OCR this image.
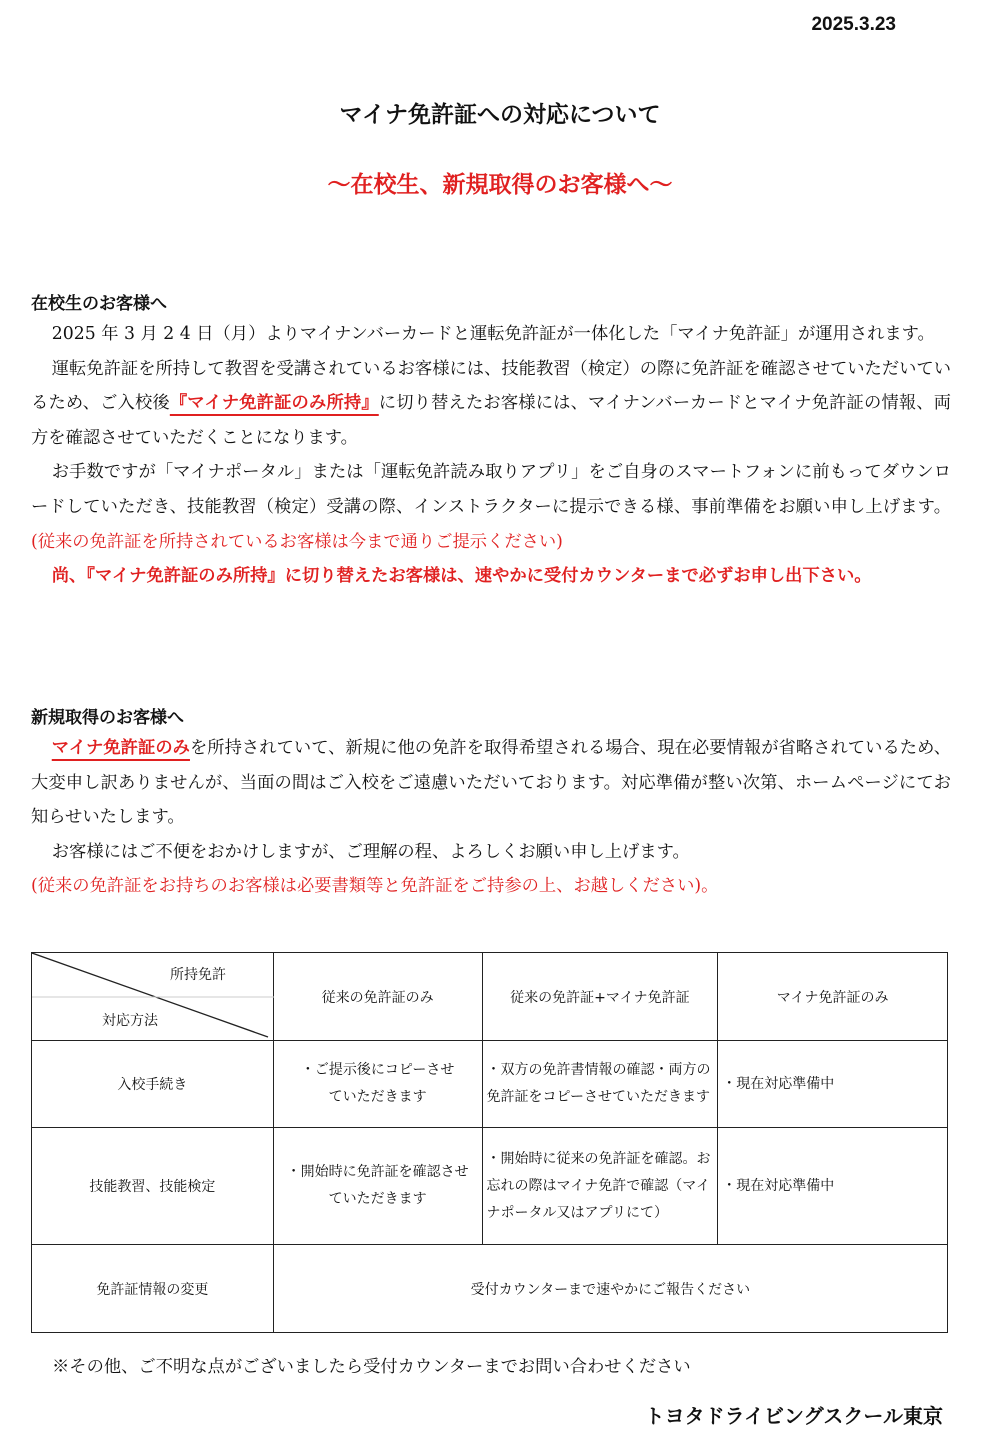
2025.3.23
マイナ免許証への対応について
〜在校生、新規取得のお客様へ〜
在校生のお客様へ

2025 年 3 月 2 4 日（月）よりマイナンバーカードと運転免許証が一体化した「マイナ免許証」が運用されます。

運転免許証を所持して教習を受講されているお客様には、技能教習（検定）の際に免許証を確認させていただいているため、ご入校後『マイナ免許証のみ所持』に切り替えたお客様には、マイナンバーカードとマイナ免許証の情報、両方を確認させていただくことになります。

お手数ですが「マイナポータル」または「運転免許読み取りアプリ」をご自身のスマートフォンに前もってダウンロードしていただき、技能教習（検定）受講の際、インストラクターに提示できる様、事前準備をお願い申し上げます。(従来の免許証を所持されているお客様は今まで通りご提示ください)

尚、『マイナ免許証のみ所持』に切り替えたお客様は、速やかに受付カウンターまで必ずお申し出下さい。

新規取得のお客様へ

マイナ免許証のみを所持されていて、新規に他の免許を取得希望される場合、現在必要情報が省略されているため、大変申し訳ありませんが、当面の間はご入校をご遠慮いただいております。対応準備が整い次第、ホームページにてお知らせいたします。

お客様にはご不便をおかけしますが、ご理解の程、よろしくお願い申し上げます。

(従来の免許証をお持ちのお客様は必要書類等と免許証をご持参の上、お越しください)。

所持免許
対応方法	従来の免許証のみ	従来の免許証+マイナ免許証	マイナ免許証のみ
入校手続き	・ご提示後にコピーさせていただきます	・双方の免許書情報の確認・両方の免許証をコピーさせていただきます	・現在対応準備中

技能教習、技能検定	・開始時に免許証を確認させていただきます	・開始時に従来の免許証を確認。お忘れの際はマイナ免許で確認（マイナポータル又はアプリにて）	・現在対応準備中

免許証情報の変更	受付カウンターまで速やかにご報告ください		
※その他、ご不明な点がございましたら受付カウンターまでお問い合わせください
トヨタドライビングスクール東京
